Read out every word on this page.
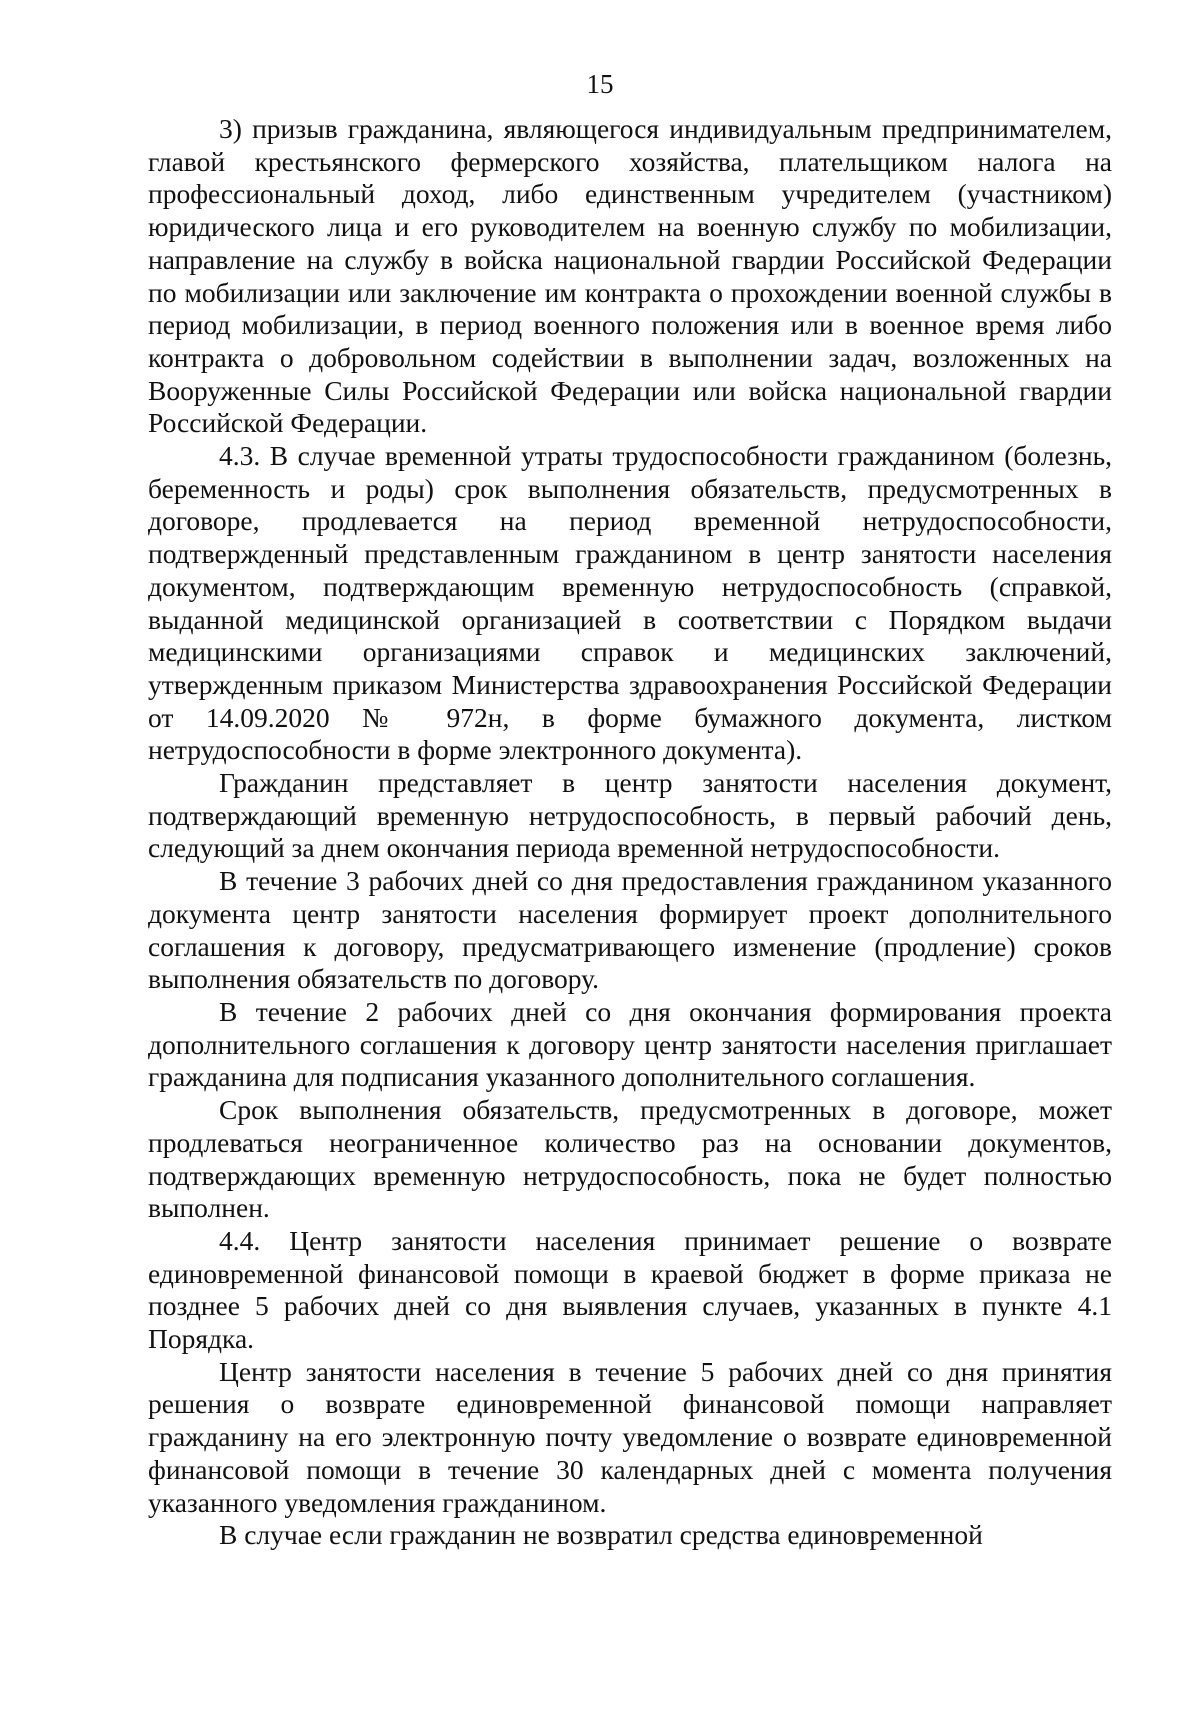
15

3) призыв гражданина, являющегося индивидуальным предпринимателем, главой крестьянского фермерского хозяйства, плательщиком налога на профессиональный доход, либо единственным учредителем (участником) юридического лица и его руководителем на военную службу по мобилизации, направление на службу в войска национальной гвардии Российской Федерации по мобилизации или заключение им контракта о прохождении военной службы в период мобилизации, в период военного положения или в военное время либо контракта о добровольном содействии в выполнении задач, возложенных на Вооруженные Силы Российской Федерации или войска национальной гвардии Российской Федерации.

4.3. В случае временной утраты трудоспособности гражданином (болезнь, беременность и роды) срок выполнения обязательств, предусмотренных в договоре, продлевается на период временной нетрудоспособности, подтвержденный представленным гражданином в центр занятости населения документом, подтверждающим временную нетрудоспособность (справкой, выданной медицинской организацией в соответствии с Порядком выдачи медицинскими организациями справок и медицинских заключений, утвержденным приказом Министерства здравоохранения Российской Федерации от 14.09.2020 № 972н, в форме бумажного документа, листком нетрудоспособности в форме электронного документа).

Гражданин представляет в центр занятости населения документ, подтверждающий временную нетрудоспособность, в первый рабочий день, следующий за днем окончания периода временной нетрудоспособности.

В течение 3 рабочих дней со дня предоставления гражданином указанного документа центр занятости населения формирует проект дополнительного соглашения к договору, предусматривающего изменение (продление) сроков выполнения обязательств по договору.

В течение 2 рабочих дней со дня окончания формирования проекта дополнительного соглашения к договору центр занятости населения приглашает гражданина для подписания указанного дополнительного соглашения.

Срок выполнения обязательств, предусмотренных в договоре, может продлеваться неограниченное количество раз на основании документов, подтверждающих временную нетрудоспособность, пока не будет полностью выполнен.

4.4. Центр занятости населения принимает решение о возврате единовременной финансовой помощи в краевой бюджет в форме приказа не позднее 5 рабочих дней со дня выявления случаев, указанных в пункте 4.1 Порядка.

Центр занятости населения в течение 5 рабочих дней со дня принятия решения о возврате единовременной финансовой помощи направляет гражданину на его электронную почту уведомление о возврате единовременной финансовой помощи в течение 30 календарных дней с момента получения указанного уведомления гражданином.

В случае если гражданин не возвратил средства единовременной
